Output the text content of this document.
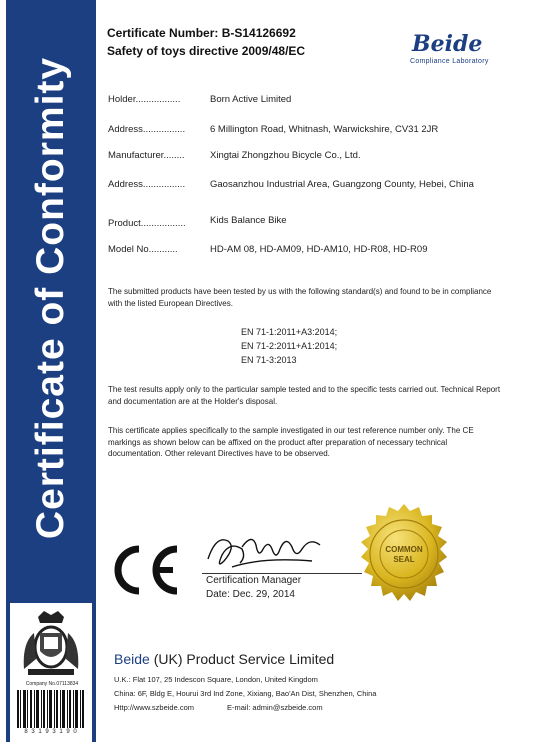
Certificate of Conformity
Company No.07113834
8 3 1 9 3 1 9 0
Certificate Number: B-S14126692
Safety of toys directive 2009/48/EC	Beide
Compliance Laboratory
Holder.................	Born Active Limited
Address................	6 Millington Road, Whitnash, Warwickshire, CV31 2JR
Manufacturer........	Xingtai Zhongzhou Bicycle Co., Ltd.
Address................	Gaosanzhou Industrial Area, Guangzong County, Hebei, China
Product.................	Kids Balance Bike
Model No...........	HD-AM 08, HD-AM09, HD-AM10, HD-R08, HD-R09
The submitted products have been tested by us with the following standard(s) and found to be in compliance with the listed European Directives.
EN 71-1:2011+A3:2014;
EN 71-2:2011+A1:2014;
EN 71-3:2013
The test results apply only to the particular sample tested and to the specific tests carried out. Technical Report and documentation are at the Holder's disposal.
This certificate applies specifically to the sample investigated in our test reference number only. The CE markings as shown below can be affixed on the product after preparation of necessary technical documentation. Other relevant Directives have to be observed.
Certification Manager
Date: Dec. 29, 2014
COMMON
SEAL
Beide (UK) Product Service Limited
U.K.: Flat 107, 25 Indescon Square, London, United Kingdom
China: 6F, Bldg E, Hourui 3rd Ind Zone, Xixiang, Bao'An Dist, Shenzhen, China
Http://www.szbeide.com	E-mail: admin@szbeide.com
